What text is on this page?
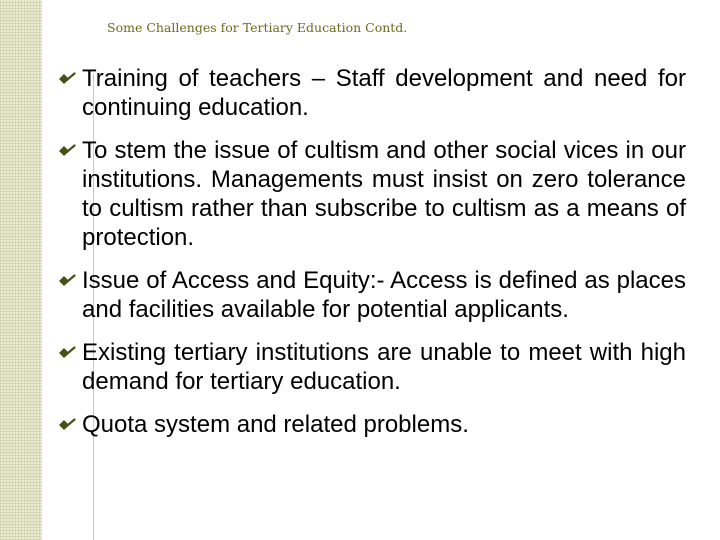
Some Challenges for Tertiary Education Contd.
Training of teachers – Staff development and need for continuing education.
To stem the issue of cultism and other social vices in our institutions. Managements must insist on zero tolerance to cultism rather than subscribe to cultism as a means of protection.
Issue of Access and Equity:- Access is defined as places and facilities available for potential applicants.
Existing tertiary institutions are unable to meet with high demand for tertiary education.
Quota system and related problems.
